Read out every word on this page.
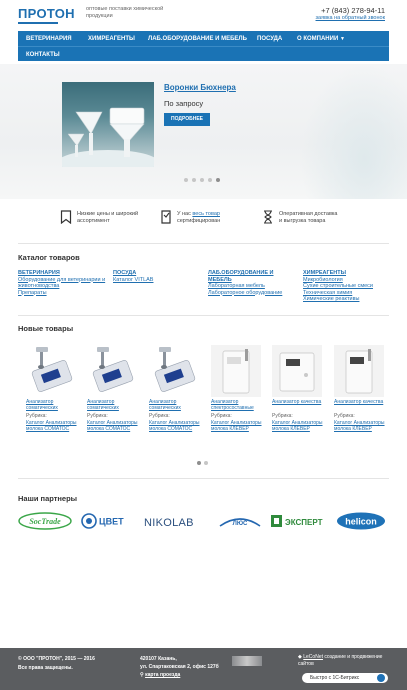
ПРОТОН оптовые поставки химической продукции
+7 (843) 278-94-11
заявка на обратный звонок
ВЕТЕРИНАРИЯ	ХИМРЕАГЕНТЫ ЛАБ.ОБОРУДОВАНИЕ И МЕБЕЛЬ ПОСУДА О КОМПАНИИ ▼
КОНТАКТЫ
Воронки Бюхнера
По запросу
ПОДРОБНЕЕ
Низкие цены и широкий ассортимент
У нас весь товар сертифицирован
Оперативная доставка и выгрузка товара
Каталог товаров
ВЕТЕРИНАРИЯ
Оборудование для ветеринарии и животноводства
Препараты
ПОСУДА
Каталог VITLAB
ЛАБ.ОБОРУДОВАНИЕ И МЕБЕЛЬ
Лабораторная мебель
Лабораторное оборудование
ХИМРЕАГЕНТЫ
Микробиология
Сухие строительные смеси
Техническая химия
Химические реактивы
Новые товары
Анализатор соматических
Рубрика:
Каталог Анализаторы молока СОМАТОС
Анализатор соматических
Рубрика:
Каталог Анализаторы молока СОМАТОС
Анализатор соматических
Рубрика:
Каталог Анализаторы молока СОМАТОС
Анализатор спектросоставные
Рубрика:
Каталог Анализаторы молока КЛЕВЕР
Анализатор качества
Рубрика:
Каталог Анализаторы молока КЛЕВЕР
Анализатор качества
Рубрика:
Каталог Анализаторы молока КЛЕВЕР
Наши партнеры
SocTrade	ЦВЕТ NIKOLAB	ЛЮС	ЭКСПЕРТ	helicon
© ООО "ПРОТОН", 2015 — 2016
Все права защищены.
420107 Казань,
ул. Спартаковская 2, офис 127б
⚲ карта проезда
◆ LeCoNet создание и продвижение сайтов
Быстро с 1С-Битрикс
